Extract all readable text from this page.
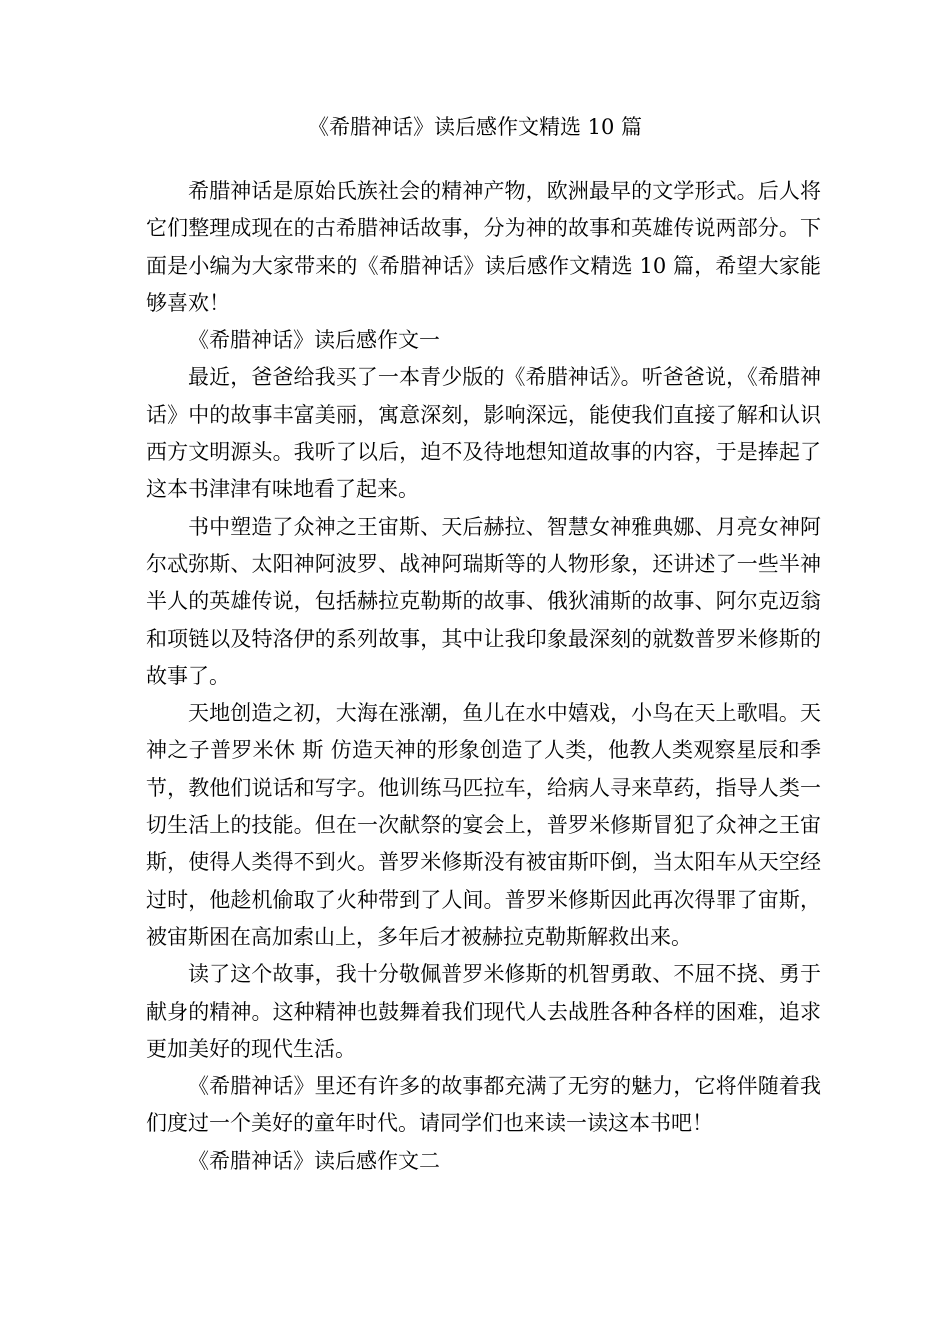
《希腊神话》读后感作文精选 10 篇

希腊神话是原始氏族社会的精神产物，欧洲最早的文学形式。后人将它们整理成现在的古希腊神话故事，分为神的故事和英雄传说两部分。下面是小编为大家带来的《希腊神话》读后感作文精选 10 篇，希望大家能够喜欢！

《希腊神话》读后感作文一

最近，爸爸给我买了一本青少版的《希腊神话》。听爸爸说，《希腊神话》中的故事丰富美丽，寓意深刻，影响深远，能使我们直接了解和认识西方文明源头。我听了以后，迫不及待地想知道故事的内容，于是捧起了这本书津津有味地看了起来。

书中塑造了众神之王宙斯、天后赫拉、智慧女神雅典娜、月亮女神阿尔忒弥斯、太阳神阿波罗、战神阿瑞斯等的人物形象，还讲述了一些半神半人的英雄传说，包括赫拉克勒斯的故事、俄狄浦斯的故事、阿尔克迈翁和项链以及特洛伊的系列故事，其中让我印象最深刻的就数普罗米修斯的故事了。

天地创造之初，大海在涨潮，鱼儿在水中嬉戏，小鸟在天上歌唱。天神之子普罗米休 斯 仿造天神的形象创造了人类，他教人类观察星辰和季节，教他们说话和写字。他训练马匹拉车，给病人寻来草药，指导人类一切生活上的技能。但在一次献祭的宴会上，普罗米修斯冒犯了众神之王宙斯，使得人类得不到火。普罗米修斯没有被宙斯吓倒，当太阳车从天空经过时，他趁机偷取了火种带到了人间。普罗米修斯因此再次得罪了宙斯，被宙斯困在高加索山上，多年后才被赫拉克勒斯解救出来。

读了这个故事，我十分敬佩普罗米修斯的机智勇敢、不屈不挠、勇于献身的精神。这种精神也鼓舞着我们现代人去战胜各种各样的困难，追求更加美好的现代生活。

《希腊神话》里还有许多的故事都充满了无穷的魅力，它将伴随着我们度过一个美好的童年时代。请同学们也来读一读这本书吧！

《希腊神话》读后感作文二
